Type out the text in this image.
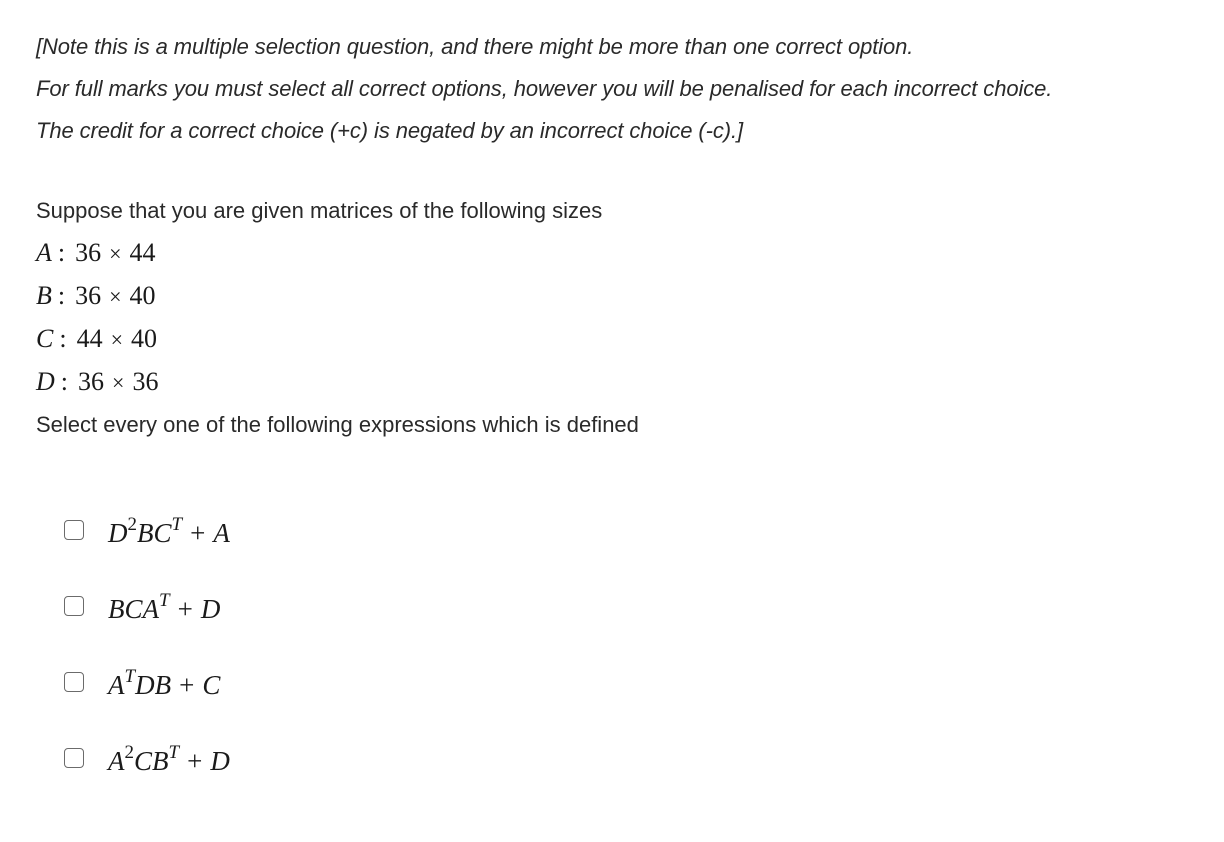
[Note this is a multiple selection question, and there might be more than one correct option.

For full marks you must select all correct options, however you will be penalised for each incorrect choice.

The credit for a correct choice (+c) is negated by an incorrect choice (-c).]

Suppose that you are given matrices of the following sizes

A : 36 × 44
B : 36 × 40
C : 44 × 40
D : 36 × 36

Select every one of the following expressions which is defined

$D^2BC^T + A$
$BCA^T + D$
$A^TDB + C$
$A^2CB^T + D$
